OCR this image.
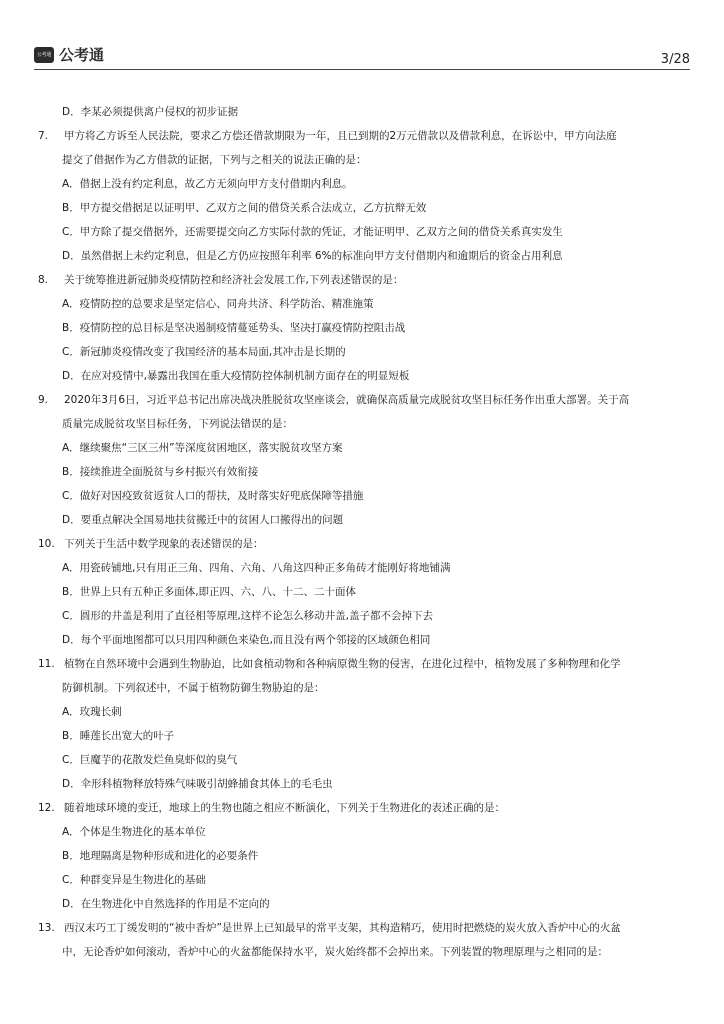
公考通 公考通	3/28
D．李某必须提供离户侵权的初步证据
7.	甲方将乙方诉至人民法院，要求乙方偿还借款期限为一年，且已到期的2万元借款以及借款利息，在诉讼中，甲方向法庭
提交了借据作为乙方借款的证据，下列与之相关的说法正确的是：
A．借据上没有约定利息，故乙方无须向甲方支付借期内利息。
B．甲方提交借据足以证明甲、乙双方之间的借贷关系合法成立，乙方抗辩无效
C．甲方除了提交借据外，还需要提交向乙方实际付款的凭证，才能证明甲、乙双方之间的借贷关系真实发生
D．虽然借据上未约定利息，但是乙方仍应按照年利率 6%的标准向甲方支付借期内和逾期后的资金占用利息
8.	关于统筹推进新冠肺炎疫情防控和经济社会发展工作,下列表述错误的是：
A．疫情防控的总要求是坚定信心、同舟共济、科学防治、精准施策
B．疫情防控的总目标是坚决遏制疫情蔓延势头、坚决打赢疫情防控阻击战
C．新冠肺炎疫情改变了我国经济的基本局面,其冲击是长期的
D．在应对疫情中,暴露出我国在重大疫情防控体制机制方面存在的明显短板
9.	2020年3月6日，习近平总书记出席决战决胜脱贫攻坚座谈会，就确保高质量完成脱贫攻坚目标任务作出重大部署。关于高
质量完成脱贫攻坚目标任务，下列说法错误的是：
A．继续聚焦“三区三州”等深度贫困地区，落实脱贫攻坚方案
B．接续推进全面脱贫与乡村振兴有效衔接
C．做好对因疫致贫返贫人口的帮扶，及时落实好兜底保障等措施
D．要重点解决全国易地扶贫搬迁中的贫困人口搬得出的问题
10. 下列关于生活中数学现象的表述错误的是：
A．用瓷砖铺地,只有用正三角、四角、六角、八角这四种正多角砖才能刚好将地铺满
B．世界上只有五种正多面体,即正四、六、八、十二、二十面体
C．圆形的井盖是利用了直径相等原理,这样不论怎么移动井盖,盖子都不会掉下去
D．每个平面地图都可以只用四种颜色来染色,而且没有两个邻接的区域颜色相同
11. 植物在自然环境中会遇到生物胁迫，比如食植动物和各种病原微生物的侵害，在进化过程中，植物发展了多种物理和化学
防御机制。下列叙述中，不属于植物防御生物胁迫的是：
A．玫瑰长刺
B．睡莲长出宽大的叶子
C．巨魔芋的花散发烂鱼臭虾似的臭气
D．伞形科植物释放特殊气味吸引胡蜂捕食其体上的毛毛虫
12. 随着地球环境的变迁，地球上的生物也随之相应不断演化，下列关于生物进化的表述正确的是：
A．个体是生物进化的基本单位
B．地理隔离是物种形成和进化的必要条件
C．种群变异是生物进化的基础
D．在生物进化中自然选择的作用是不定向的
13. 西汉末巧工丁缓发明的“被中香炉”是世界上已知最早的常平支架，其构造精巧，使用时把燃烧的炭火放入香炉中心的火盆
中，无论香炉如何滚动，香炉中心的火盆都能保持水平，炭火始终都不会掉出来。下列装置的物理原理与之相同的是：
